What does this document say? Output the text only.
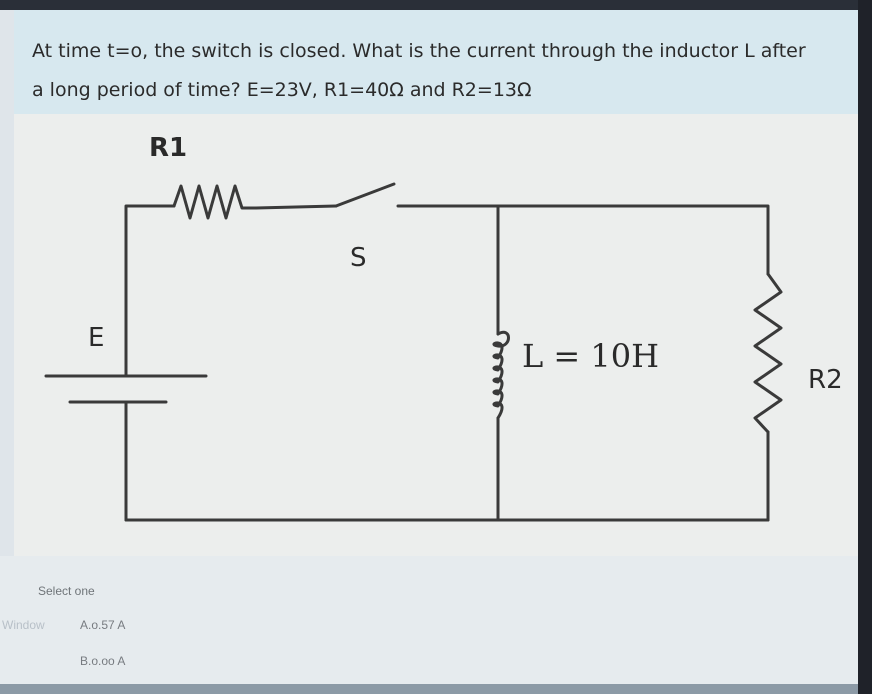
At time t=o, the switch is closed. What is the current through the inductor L after
a long period of time? E=23V, R1=40Ω and R2=13Ω
R1
S
E	L = 10H
R2
Select one
Window	A.o.57 A
B.o.oo A
